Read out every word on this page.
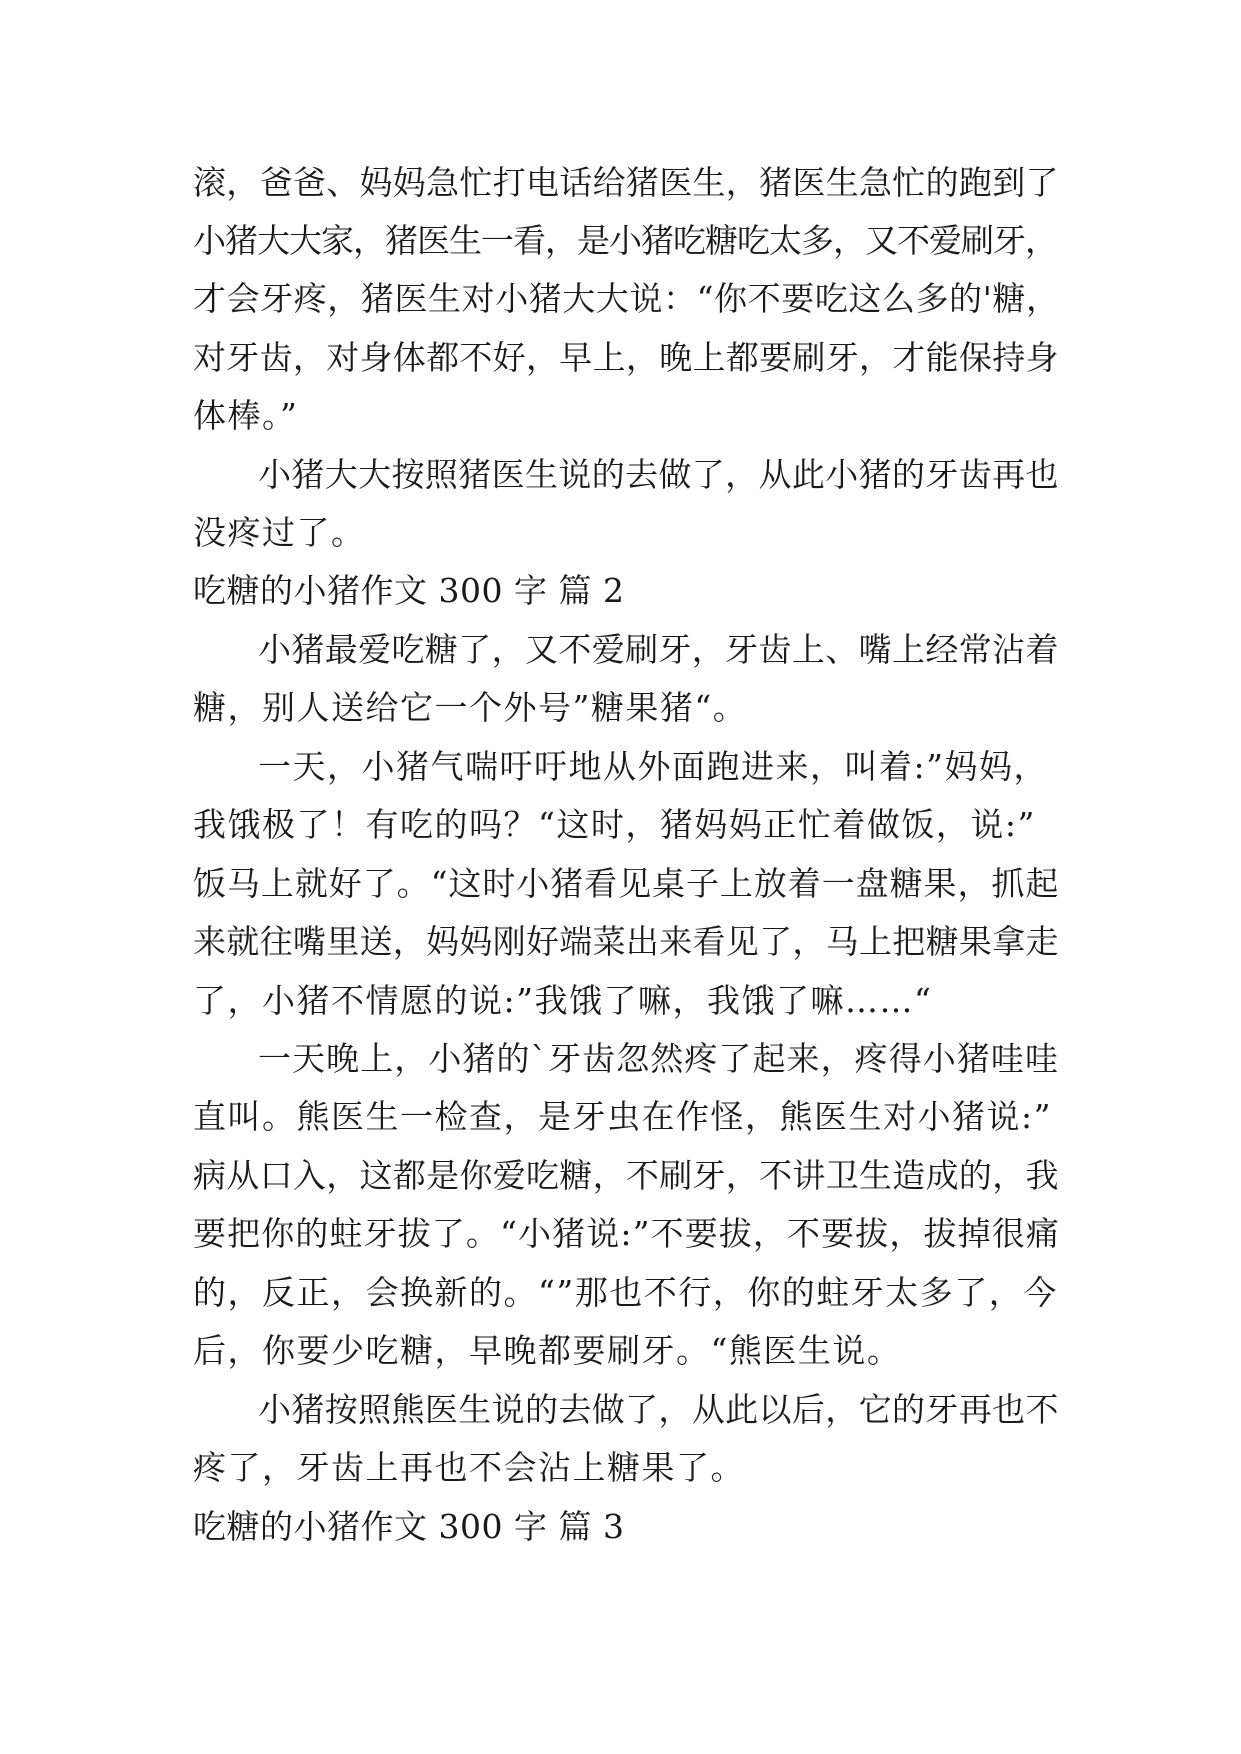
滚，爸爸、妈妈急忙打电话给猪医生，猪医生急忙的跑到了
小猪大大家，猪医生一看，是小猪吃糖吃太多，又不爱刷牙，
才会牙疼，猪医生对小猪大大说：“你不要吃这么多的'糖，
对牙齿，对身体都不好，早上，晚上都要刷牙，才能保持身
体棒。”
小猪大大按照猪医生说的去做了，从此小猪的牙齿再也
没疼过了。
吃糖的小猪作文 300 字 篇 2
小猪最爱吃糖了，又不爱刷牙，牙齿上、嘴上经常沾着
糖，别人送给它一个外号”糖果猪“。
一天，小猪气喘吁吁地从外面跑进来，叫着:”妈妈，
我饿极了！有吃的吗？“这时，猪妈妈正忙着做饭，说:”
饭马上就好了。“这时小猪看见桌子上放着一盘糖果，抓起
来就往嘴里送，妈妈刚好端菜出来看见了，马上把糖果拿走
了，小猪不情愿的说:”我饿了嘛，我饿了嘛……“
一天晚上，小猪的`牙齿忽然疼了起来，疼得小猪哇哇
直叫。熊医生一检查，是牙虫在作怪，熊医生对小猪说:”
病从口入，这都是你爱吃糖，不刷牙，不讲卫生造成的，我
要把你的蛀牙拔了。“小猪说:”不要拔，不要拔，拔掉很痛
的，反正，会换新的。“”那也不行，你的蛀牙太多了，今
后，你要少吃糖，早晚都要刷牙。“熊医生说。
小猪按照熊医生说的去做了，从此以后，它的牙再也不
疼了，牙齿上再也不会沾上糖果了。
吃糖的小猪作文 300 字 篇 3
